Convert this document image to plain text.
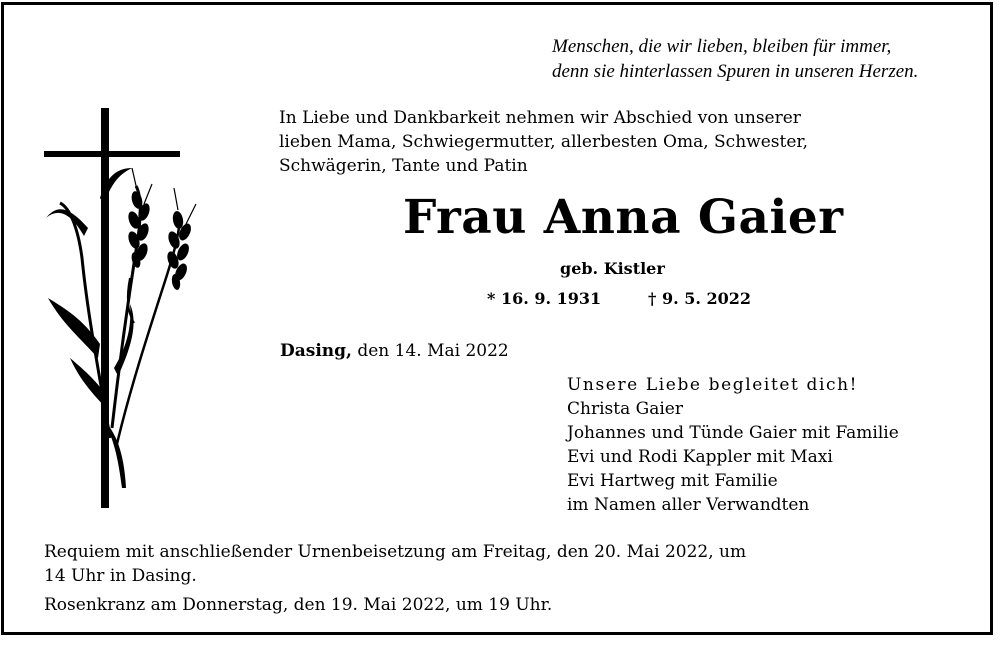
Menschen, die wir lieben, bleiben für immer,
denn sie hinterlassen Spuren in unseren Herzen.
In Liebe und Dankbarkeit nehmen wir Abschied von unserer
lieben Mama, Schwiegermutter, allerbesten Oma, Schwester,
Schwägerin, Tante und Patin
Frau Anna Gaier
geb. Kistler
* 16. 9. 1931	† 9. 5. 2022
Dasing, den 14. Mai 2022
Unsere Liebe begleitet dich!
Christa Gaier
Johannes und Tünde Gaier mit Familie
Evi und Rodi Kappler mit Maxi
Evi Hartweg mit Familie
im Namen aller Verwandten
Requiem mit anschließender Urnenbeisetzung am Freitag, den 20. Mai 2022, um
14 Uhr in Dasing.
Rosenkranz am Donnerstag, den 19. Mai 2022, um 19 Uhr.
